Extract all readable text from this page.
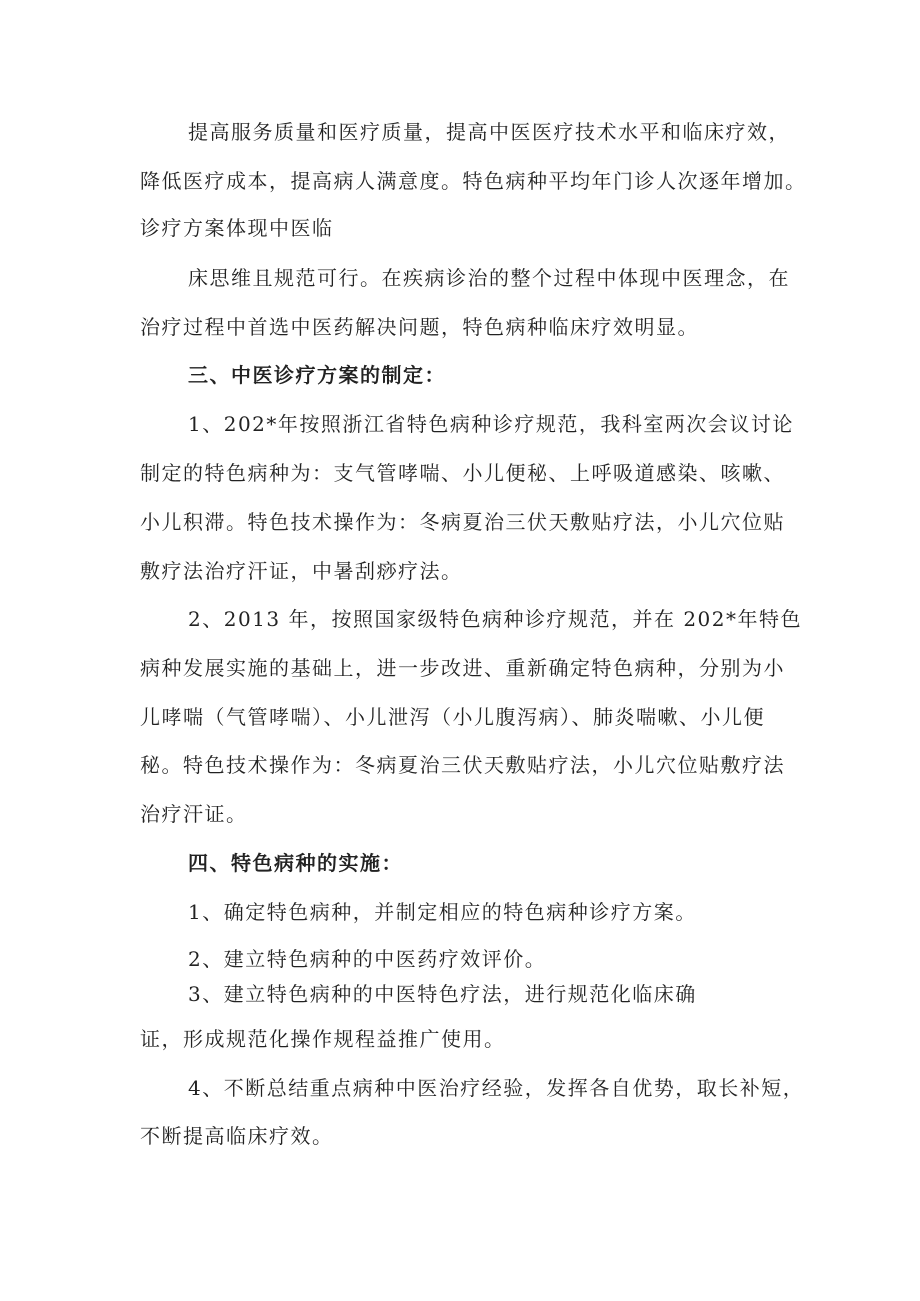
提高服务质量和医疗质量，提高中医医疗技术水平和临床疗效，
降低医疗成本，提高病人满意度。特色病种平均年门诊人次逐年增加。
诊疗方案体现中医临
床思维且规范可行。在疾病诊治的整个过程中体现中医理念，在
治疗过程中首选中医药解决问题，特色病种临床疗效明显。
三、中医诊疗方案的制定：
1、202*年按照浙江省特色病种诊疗规范，我科室两次会议讨论
制定的特色病种为：支气管哮喘、小儿便秘、上呼吸道感染、咳嗽、
小儿积滞。特色技术操作为：冬病夏治三伏天敷贴疗法，小儿穴位贴
敷疗法治疗汗证，中暑刮痧疗法。
2、2013 年，按照国家级特色病种诊疗规范，并在 202*年特色
病种发展实施的基础上，进一步改进、重新确定特色病种，分别为小
儿哮喘（气管哮喘）、小儿泄泻（小儿腹泻病）、肺炎喘嗽、小儿便
秘。特色技术操作为：冬病夏治三伏天敷贴疗法，小儿穴位贴敷疗法
治疗汗证。
四、特色病种的实施：
1、确定特色病种，并制定相应的特色病种诊疗方案。
2、建立特色病种的中医药疗效评价。
3、建立特色病种的中医特色疗法，进行规范化临床确
证，形成规范化操作规程益推广使用。
4、不断总结重点病种中医治疗经验，发挥各自优势，取长补短，
不断提高临床疗效。
